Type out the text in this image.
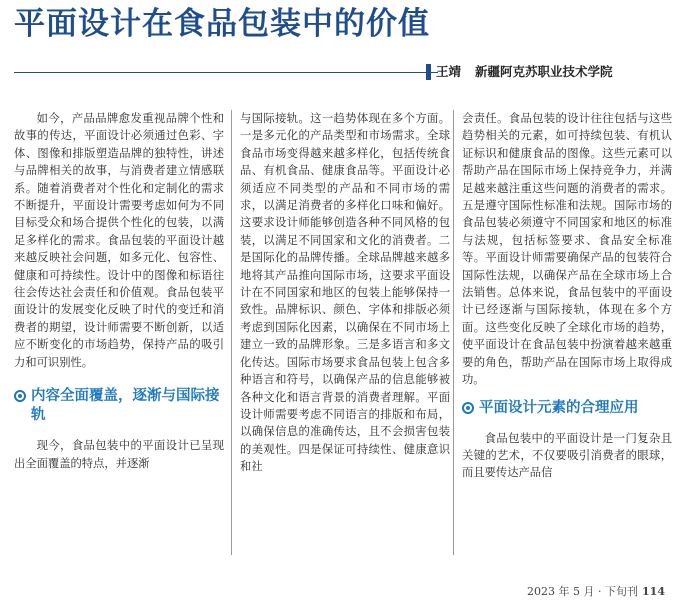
平面设计在食品包装中的价值
王靖 新疆阿克苏职业技术学院

如今，产品品牌愈发重视品牌个性和故事的传达，平面设计必须通过色彩、字体、图像和排版塑造品牌的独特性，讲述与品牌相关的故事，与消费者建立情感联系。随着消费者对个性化和定制化的需求不断提升，平面设计需要考虑如何为不同目标受众和场合提供个性化的包装，以满足多样化的需求。食品包装的平面设计越来越反映社会问题，如多元化、包容性、健康和可持续性。设计中的图像和标语往往会传达社会责任和价值观。食品包装平面设计的发展变化反映了时代的变迁和消费者的期望，设计师需要不断创新，以适应不断变化的市场趋势，保持产品的吸引力和可识别性。

内容全面覆盖，逐渐与国际接轨

现今，食品包装中的平面设计已呈现出全面覆盖的特点，并逐渐

与国际接轨。这一趋势体现在多个方面。一是多元化的产品类型和市场需求。全球食品市场变得越来越多样化，包括传统食品、有机食品、健康食品等。平面设计必须适应不同类型的产品和不同市场的需求，以满足消费者的多样化口味和偏好。这要求设计师能够创造各种不同风格的包装，以满足不同国家和文化的消费者。二是国际化的品牌传播。全球品牌越来越多地将其产品推向国际市场，这要求平面设计在不同国家和地区的包装上能够保持一致性。品牌标识、颜色、字体和排版必须考虑到国际化因素，以确保在不同市场上建立一致的品牌形象。三是多语言和多文化传达。国际市场要求食品包装上包含多种语言和符号，以确保产品的信息能够被各种文化和语言背景的消费者理解。平面设计师需要考虑不同语言的排版和布局，以确保信息的准确传达，且不会损害包装的美观性。四是保证可持续性、健康意识和社

会责任。食品包装的设计往往包括与这些趋势相关的元素，如可持续包装、有机认证标识和健康食品的图像。这些元素可以帮助产品在国际市场上保持竞争力，并满足越来越注重这些问题的消费者的需求。五是遵守国际性标准和法规。国际市场的食品包装必须遵守不同国家和地区的标准与法规，包括标签要求、食品安全标准等。平面设计师需要确保产品的包装符合国际性法规，以确保产品在全球市场上合法销售。总体来说，食品包装中的平面设计已经逐渐与国际接轨，体现在多个方面。这些变化反映了全球化市场的趋势，使平面设计在食品包装中扮演着越来越重要的角色，帮助产品在国际市场上取得成功。

平面设计元素的合理应用

食品包装中的平面设计是一门复杂且关键的艺术，不仅要吸引消费者的眼球，而且要传达产品信

2023 年 5 月 · 下旬刊 114
